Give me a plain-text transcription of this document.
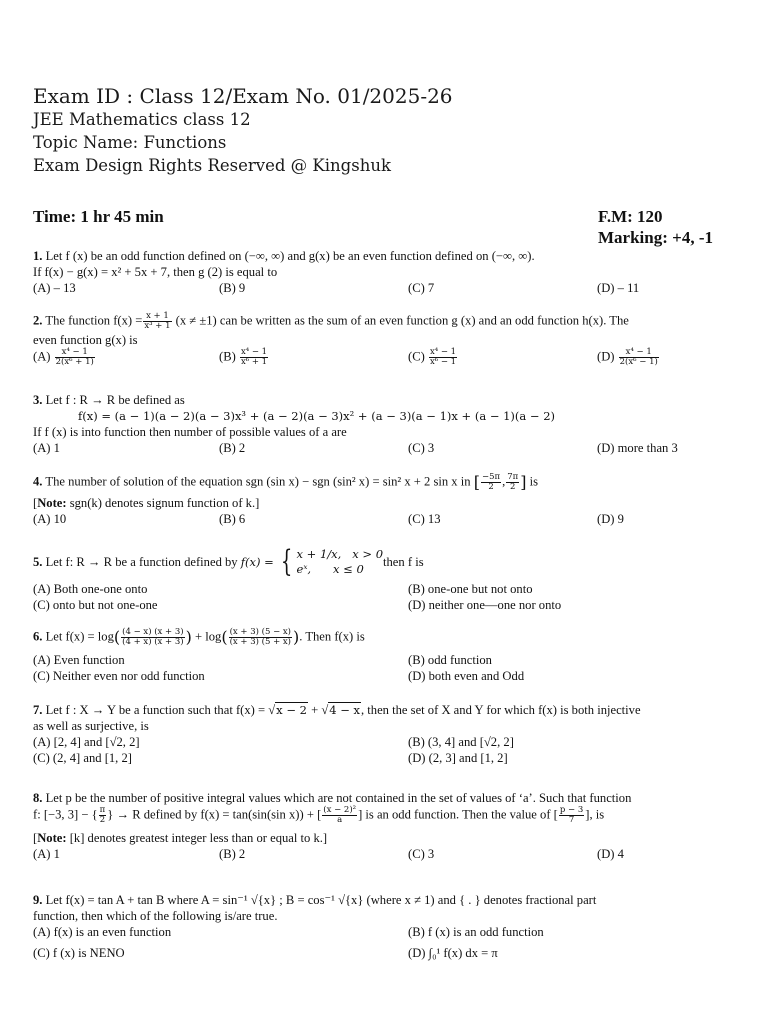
Exam ID : Class 12/Exam No. 01/2025-26
JEE Mathematics class 12
Topic Name: Functions
Exam Design Rights Reserved @ Kingshuk
Time: 1 hr 45 min	F.M: 120
Marking: +4, -1
1. Let f (x) be an odd function defined on (−∞, ∞) and g(x) be an even function defined on (−∞, ∞).
If f(x) − g(x) = x² + 5x + 7, then g (2) is equal to
(A) – 13	(B) 9	(C) 7	(D) – 11
2. The function $f(x) = \frac{x + 1}{\text{x³ + 1}} (x \ne \pm 1)$ can be written as the sum of an even function g (x) and an odd function h(x). The
even function g(x) is
$(A) \frac{\text{x⁴ − 1}}{\text{2(x⁶ + 1)}}$	$(B) \frac{\text{x⁴ − 1}}{\text{x⁶ + 1}}$	$(C) \frac{\text{x⁴ − 1}}{\text{x⁶ − 1}}$	$(D) \frac{\text{x⁴ − 1}}{\text{2(x⁶ − 1)}}$
3. Let f : R → R be defined as
f(x) = (a − 1)(a − 2)(a − 3)x³ + (a − 2)(a − 3)x² + (a − 3)(a − 1)x + (a − 1)(a − 2)
If f (x) is into function then number of possible values of a are
(A) 1	(B) 2	(C) 3	(D) more than 3
4. The number of solution of the equation sgn (sin x) − sgn (sin² x) = sin² x + 2 sin x in [ $\frac{-5\pi}{2}$ , $\frac{7\pi}{2}$ ] is
[Note: sgn(k) denotes signum function of k.]
(A) 10	(B) 6	(C) 13	(D) 9
5. Let f: R → R be a function defined by f(x) = { x + 1/x,   x > 0
eˣ,      x ≤ 0	then f is
(A) Both one-one onto	(B) one-one but not onto
(C) onto but not one-one	(D) neither one—one nor onto
6. Let $f(x) = \log( \frac{(4 - x) (x + 3)}{(4 + x) (x + 3)}$ ) + $\log( \frac{(x + 3) (5 - x)}{(x + 3) (5 + x)}$ ). Then f(x) is
(A) Even function	(B) odd function
(C) Neither even nor odd function	(D) both even and Odd
7. Let f : X → Y be a function such that f(x) = √x − 2 + √4 − x, then the set of X and Y for which f(x) is both injective
as well as surjective, is
(A) [2, 4] and [√2, 2]	(B) (3, 4] and [√2, 2]
(C) (2, 4] and [1, 2]	(D) (2, 3] and [1, 2]
8. Let p be the number of positive integral values which are not contained in the set of values of ‘a’. Such that function
f: [−3, 3] − { $\frac{\pi}{2}$ } → R defined by f(x) = tan(sin(sin x)) + [ $\frac{\text{(x − 2)²}}{a}$ ] is an odd function. Then the value of [ $\frac{p - 3}{7}$ ], is
[Note: [k] denotes greatest integer less than or equal to k.]
(A) 1	(B) 2	(C) 3	(D) 4
9. Let f(x) = tan A + tan B where A = sin⁻¹ √{x} ; B = cos⁻¹ √{x} (where x ≠ 1) and { . } denotes fractional part
function, then which of the following is/are true.
(A) f(x) is an even function	(B) f (x) is an odd function
(C) f (x) is NENO	(D) ∫₀¹ f(x) dx = π
